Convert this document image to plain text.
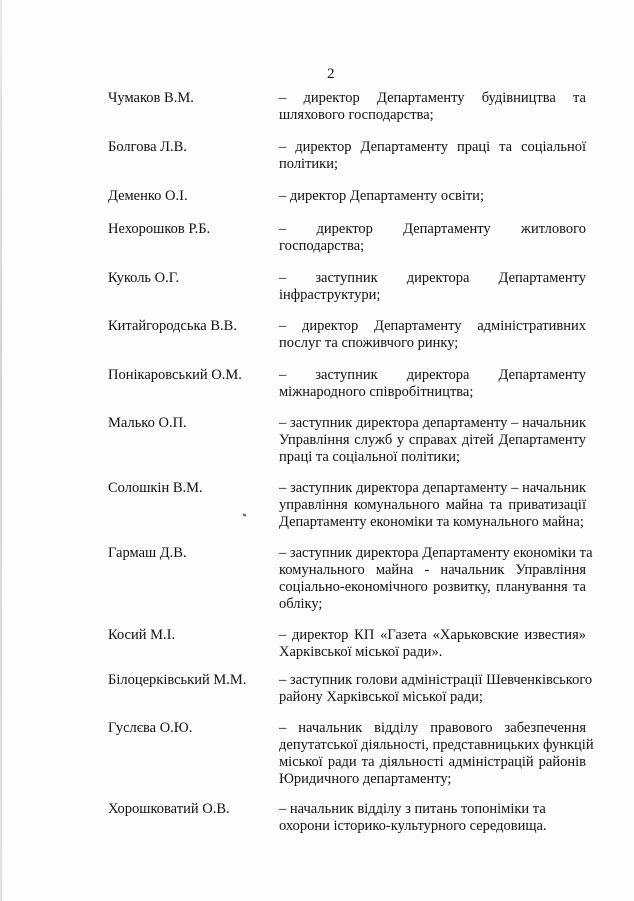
2
Чумаков В.М.	– директор Департаменту будівництва та
шляхового господарства;
Болгова Л.В.	– директор Департаменту праці та соціальної
політики;
Деменко О.І.	– директор Департаменту освіти;
Нехорошков Р.Б.	– директор Департаменту житлового
господарства;
Куколь О.Г.	– заступник директора Департаменту
інфраструктури;
Китайгородська В.В.	– директор Департаменту адміністративних
послуг та споживчого ринку;
Понікаровський О.М.	– заступник директора Департаменту
міжнародного співробітництва;
Малько О.П.	– заступник директора департаменту – начальник
Управління служб у справах дітей Департаменту
праці та соціальної політики;
Солошкін В.М.	– заступник директора департаменту – начальник
управління комунального майна та приватизації
Департаменту економіки та комунального майна;
Гармаш Д.В.	– заступник директора Департаменту економіки та
комунального майна - начальник Управління
соціально-економічного розвитку, планування та
обліку;
Косий М.І.	– директор КП «Газета «Харьковские известия»
Харківської міської ради».
Білоцерківський М.М. – заступник голови адміністрації Шевченківського
району Харківської міської ради;
Гуслєва О.Ю.	– начальник відділу правового забезпечення
депутатської діяльності, представницьких функцій
міської ради та діяльності адміністрацій районів
Юридичного департаменту;
Хорошковатий О.В.	– начальник відділу з питань топоніміки та
охорони історико-культурного середовища.
